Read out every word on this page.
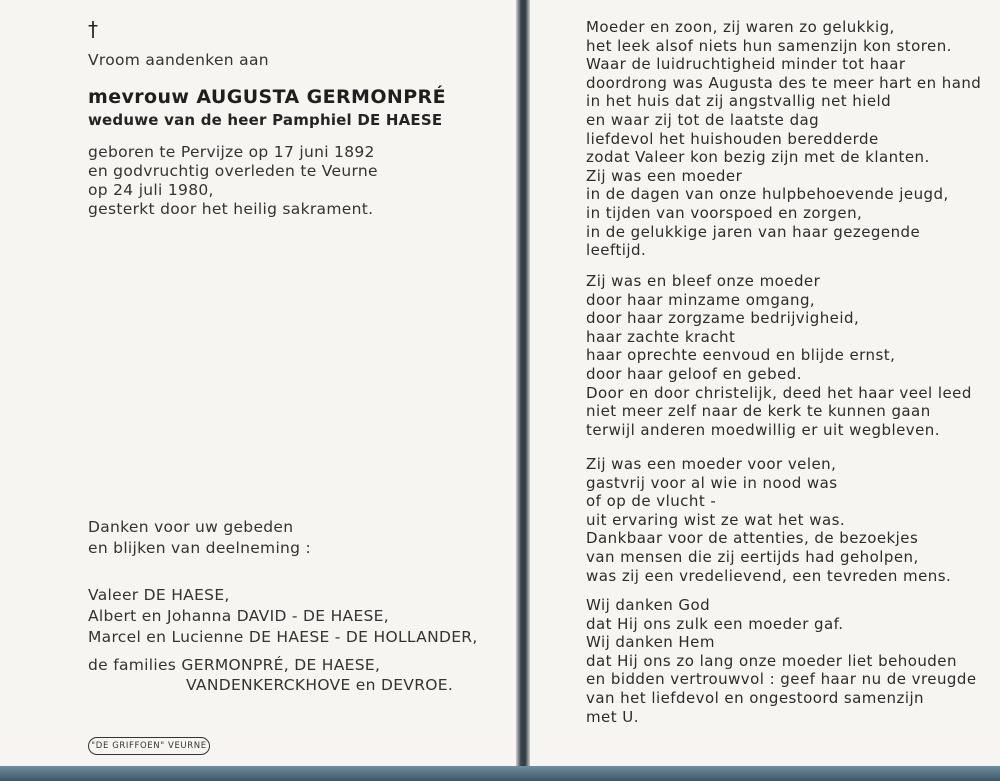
†
Vroom aandenken aan
mevrouw AUGUSTA GERMONPRÉ
weduwe van de heer Pamphiel DE HAESE
geboren te Pervijze op 17 juni 1892
en godvruchtig overleden te Veurne
op 24 juli 1980,
gesterkt door het heilig sakrament.
Danken voor uw gebeden
en blijken van deelneming :
Valeer DE HAESE,
Albert en Johanna DAVID - DE HAESE,
Marcel en Lucienne DE HAESE - DE HOLLANDER,
de families GERMONPRÉ, DE HAESE,
VANDENKERCKHOVE en DEVROE.
"DE GRIFFOEN" VEURNE
Moeder en zoon, zij waren zo gelukkig,
het leek alsof niets hun samenzijn kon storen.
Waar de luidruchtigheid minder tot haar
doordrong was Augusta des te meer hart en hand
in het huis dat zij angstvallig net hield
en waar zij tot de laatste dag
liefdevol het huishouden beredderde
zodat Valeer kon bezig zijn met de klanten.
Zij was een moeder
in de dagen van onze hulpbehoevende jeugd,
in tijden van voorspoed en zorgen,
in de gelukkige jaren van haar gezegende
leeftijd.
Zij was en bleef onze moeder
door haar minzame omgang,
door haar zorgzame bedrijvigheid,
haar zachte kracht
haar oprechte eenvoud en blijde ernst,
door haar geloof en gebed.
Door en door christelijk, deed het haar veel leed
niet meer zelf naar de kerk te kunnen gaan
terwijl anderen moedwillig er uit wegbleven.
Zij was een moeder voor velen,
gastvrij voor al wie in nood was
of op de vlucht -
uit ervaring wist ze wat het was.
Dankbaar voor de attenties, de bezoekjes
van mensen die zij eertijds had geholpen,
was zij een vredelievend, een tevreden mens.
Wij danken God
dat Hij ons zulk een moeder gaf.
Wij danken Hem
dat Hij ons zo lang onze moeder liet behouden
en bidden vertrouwvol : geef haar nu de vreugde
van het liefdevol en ongestoord samenzijn
met U.
